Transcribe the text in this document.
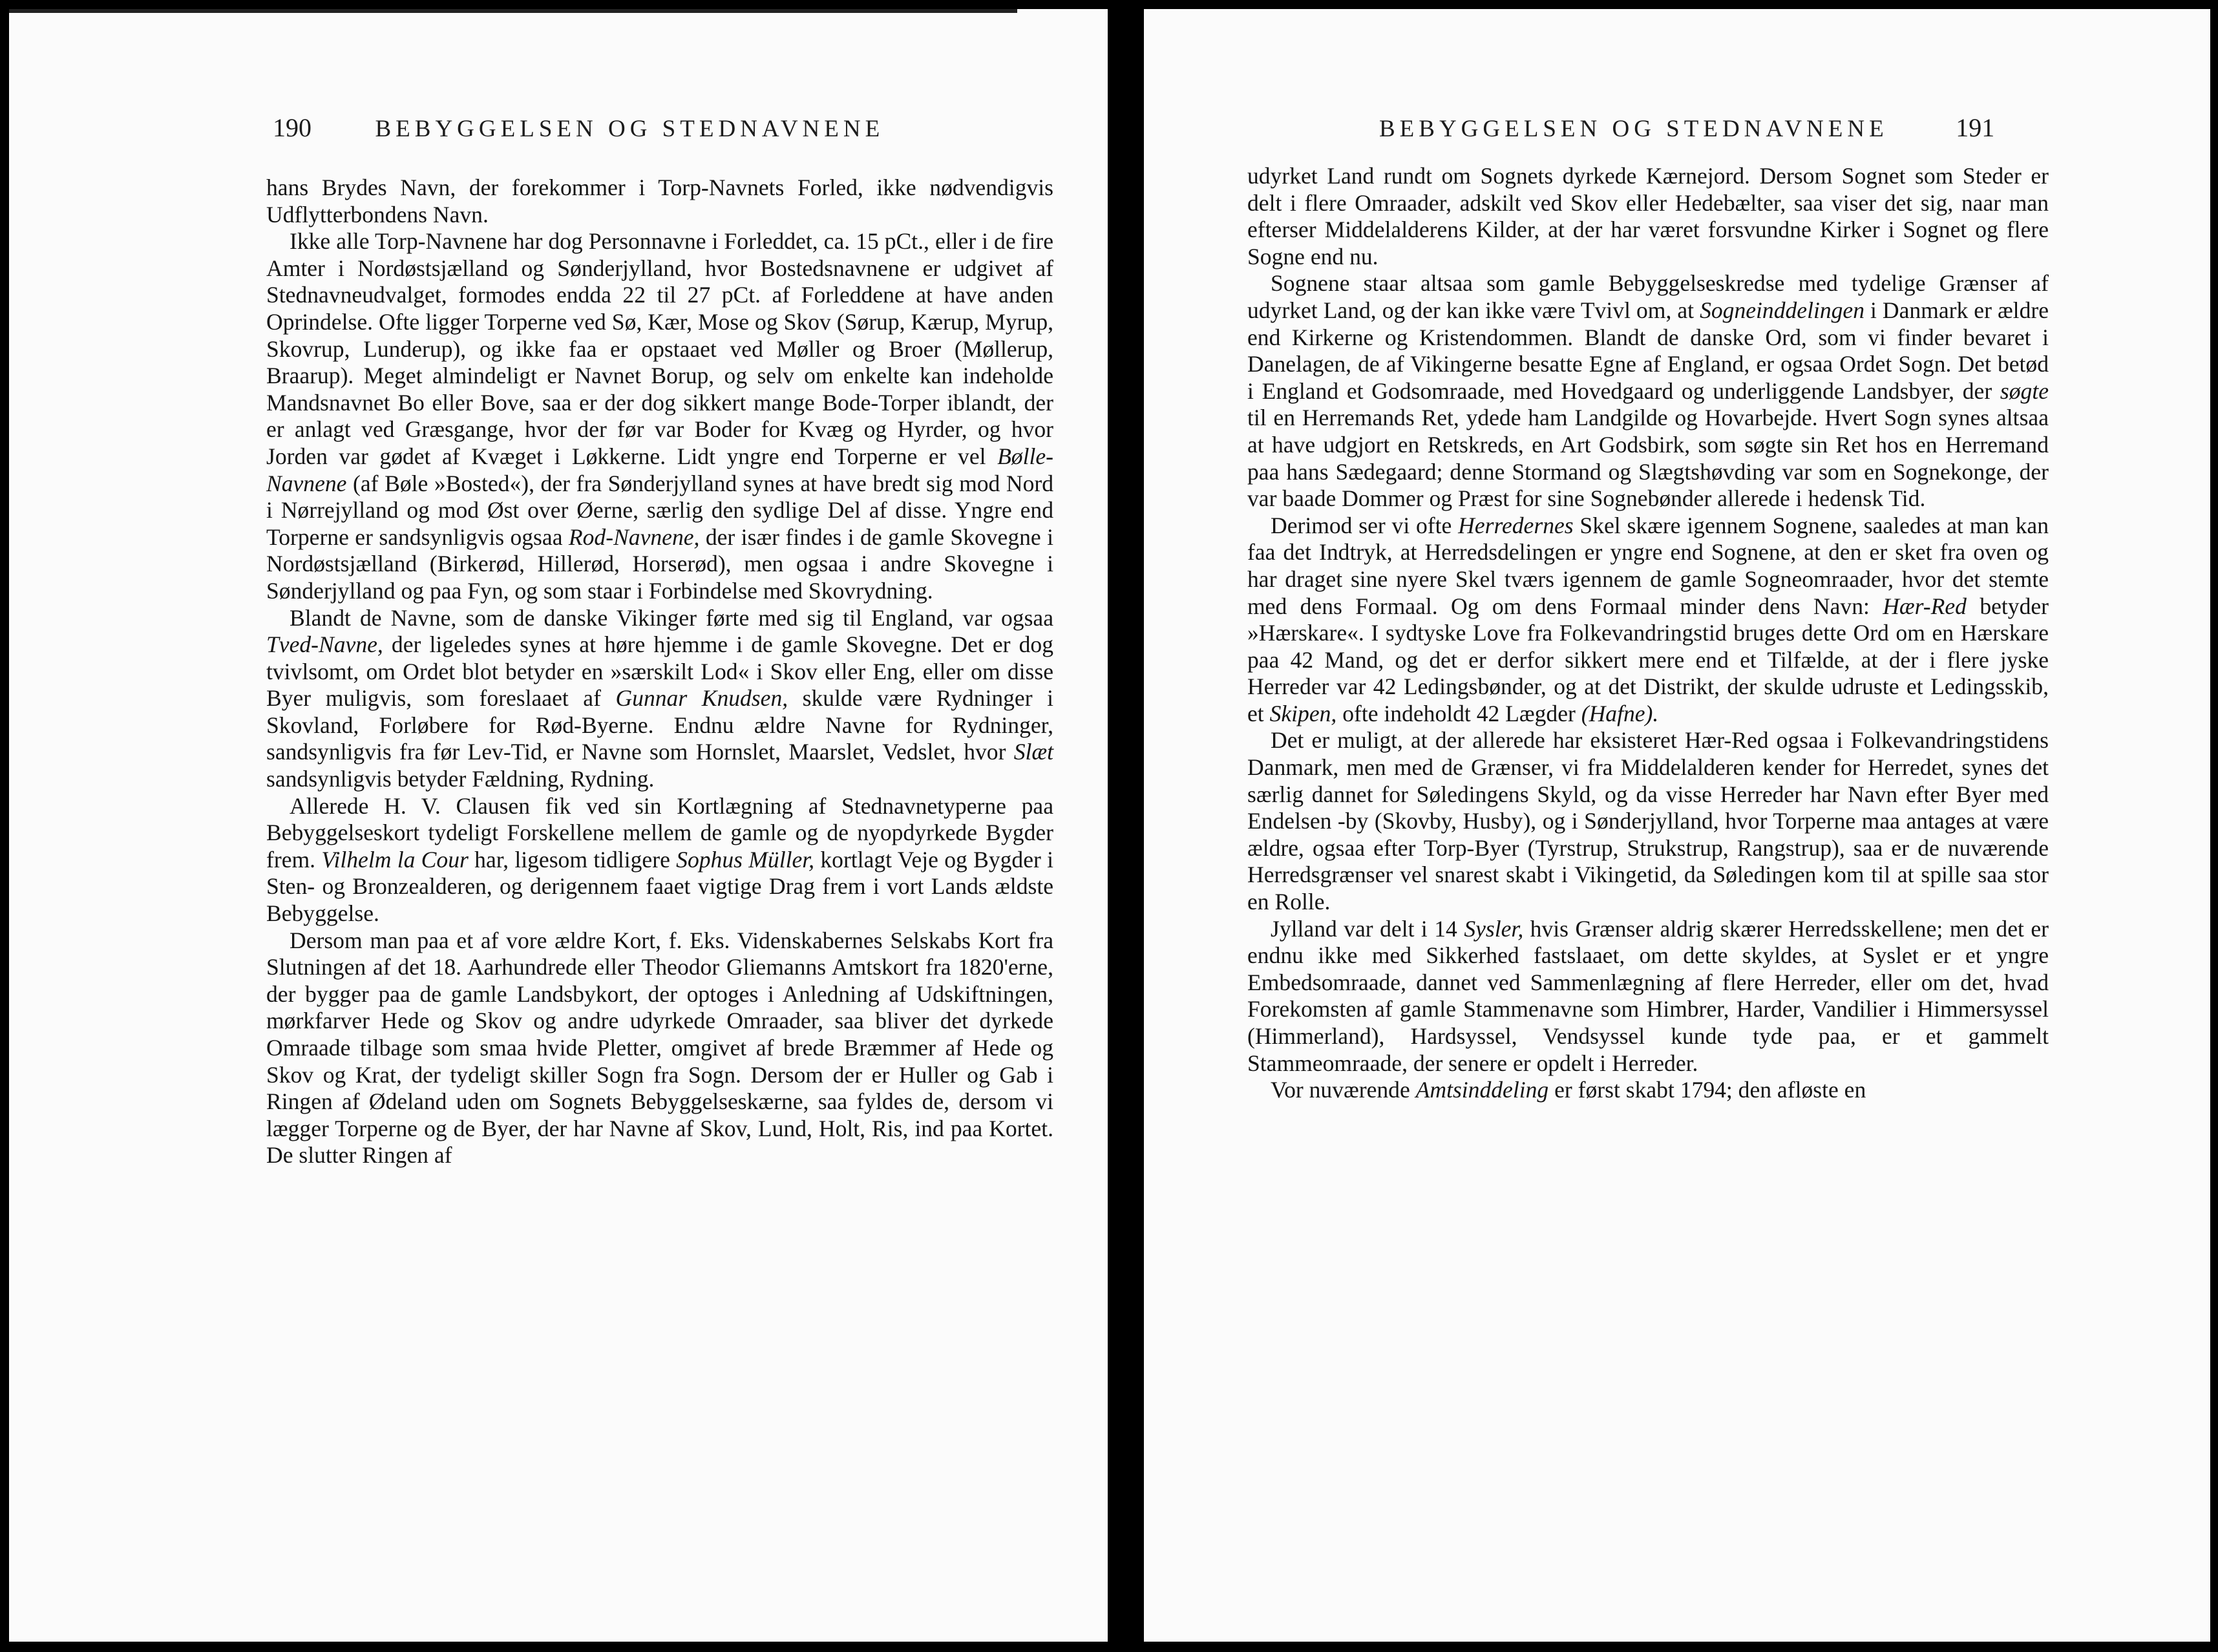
190	BEBYGGELSEN OG STEDNAVNENE

hans Brydes Navn, der forekommer i Torp-Navnets Forled, ikke nødvendigvis Udflytterbondens Navn.

Ikke alle Torp-Navnene har dog Personnavne i Forleddet, ca. 15 pCt., eller i de fire Amter i Nordøstsjælland og Sønderjylland, hvor Bostedsnavnene er udgivet af Stednavneudvalget, formodes endda 22 til 27 pCt. af Forleddene at have anden Oprindelse. Ofte ligger Torperne ved Sø, Kær, Mose og Skov (Sørup, Kærup, Myrup, Skovrup, Lunderup), og ikke faa er opstaaet ved Møller og Broer (Møllerup, Braarup). Meget almindeligt er Navnet Borup, og selv om enkelte kan indeholde Mandsnavnet Bo eller Bove, saa er der dog sikkert mange Bode-Torper iblandt, der er anlagt ved Græsgange, hvor der før var Boder for Kvæg og Hyrder, og hvor Jorden var gødet af Kvæget i Løkkerne. Lidt yngre end Torperne er vel Bølle-Navnene (af Bøle »Bosted«), der fra Sønderjylland synes at have bredt sig mod Nord i Nørrejylland og mod Øst over Øerne, særlig den sydlige Del af disse. Yngre end Torperne er sandsynligvis ogsaa Rod-Navnene, der især findes i de gamle Skovegne i Nordøstsjælland (Birkerød, Hillerød, Horserød), men ogsaa i andre Skovegne i Sønderjylland og paa Fyn, og som staar i Forbindelse med Skovrydning.

Blandt de Navne, som de danske Vikinger førte med sig til England, var ogsaa Tved-Navne, der ligeledes synes at høre hjemme i de gamle Skovegne. Det er dog tvivlsomt, om Ordet blot betyder en »særskilt Lod« i Skov eller Eng, eller om disse Byer muligvis, som foreslaaet af Gunnar Knudsen, skulde være Rydninger i Skovland, Forløbere for Rød-Byerne. Endnu ældre Navne for Rydninger, sandsynligvis fra før Lev-Tid, er Navne som Hornslet, Maarslet, Vedslet, hvor Slæt sandsynligvis betyder Fældning, Rydning.

Allerede H. V. Clausen fik ved sin Kortlægning af Stednavnetyperne paa Bebyggelseskort tydeligt Forskellene mellem de gamle og de nyopdyrkede Bygder frem. Vilhelm la Cour har, ligesom tidligere Sophus Müller, kortlagt Veje og Bygder i Sten- og Bronzealderen, og derigennem faaet vigtige Drag frem i vort Lands ældste Bebyggelse.

Dersom man paa et af vore ældre Kort, f. Eks. Videnskabernes Selskabs Kort fra Slutningen af det 18. Aarhundrede eller Theodor Gliemanns Amtskort fra 1820'erne, der bygger paa de gamle Landsbykort, der optoges i Anledning af Udskiftningen, mørkfarver Hede og Skov og andre udyrkede Omraader, saa bliver det dyrkede Omraade tilbage som smaa hvide Pletter, omgivet af brede Bræmmer af Hede og Skov og Krat, der tydeligt skiller Sogn fra Sogn. Dersom der er Huller og Gab i Ringen af Ødeland uden om Sognets Bebyggelseskærne, saa fyldes de, dersom vi lægger Torperne og de Byer, der har Navne af Skov, Lund, Holt, Ris, ind paa Kortet. De slutter Ringen af

BEBYGGELSEN OG STEDNAVNENE	191

udyrket Land rundt om Sognets dyrkede Kærnejord. Dersom Sognet som Steder er delt i flere Omraader, adskilt ved Skov eller Hedebælter, saa viser det sig, naar man efterser Middelalderens Kilder, at der har været forsvundne Kirker i Sognet og flere Sogne end nu.

Sognene staar altsaa som gamle Bebyggelseskredse med tydelige Grænser af udyrket Land, og der kan ikke være Tvivl om, at Sogneinddelingen i Danmark er ældre end Kirkerne og Kristendommen. Blandt de danske Ord, som vi finder bevaret i Danelagen, de af Vikingerne besatte Egne af England, er ogsaa Ordet Sogn. Det betød i England et Godsomraade, med Hovedgaard og underliggende Landsbyer, der søgte til en Herremands Ret, ydede ham Landgilde og Hovarbejde. Hvert Sogn synes altsaa at have udgjort en Retskreds, en Art Godsbirk, som søgte sin Ret hos en Herremand paa hans Sædegaard; denne Stormand og Slægtshøvding var som en Sognekonge, der var baade Dommer og Præst for sine Sognebønder allerede i hedensk Tid.

Derimod ser vi ofte Herredernes Skel skære igennem Sognene, saaledes at man kan faa det Indtryk, at Herredsdelingen er yngre end Sognene, at den er sket fra oven og har draget sine nyere Skel tværs igennem de gamle Sogneomraader, hvor det stemte med dens Formaal. Og om dens Formaal minder dens Navn: Hær-Red betyder »Hærskare«. I sydtyske Love fra Folkevandringstid bruges dette Ord om en Hærskare paa 42 Mand, og det er derfor sikkert mere end et Tilfælde, at der i flere jyske Herreder var 42 Ledingsbønder, og at det Distrikt, der skulde udruste et Ledingsskib, et Skipen, ofte indeholdt 42 Lægder (Hafne).

Det er muligt, at der allerede har eksisteret Hær-Red ogsaa i Folkevandringstidens Danmark, men med de Grænser, vi fra Middelalderen kender for Herredet, synes det særlig dannet for Søledingens Skyld, og da visse Herreder har Navn efter Byer med Endelsen -by (Skovby, Husby), og i Sønderjylland, hvor Torperne maa antages at være ældre, ogsaa efter Torp-Byer (Tyrstrup, Strukstrup, Rangstrup), saa er de nuværende Herredsgrænser vel snarest skabt i Vikingetid, da Søledingen kom til at spille saa stor en Rolle.

Jylland var delt i 14 Sysler, hvis Grænser aldrig skærer Herredsskellene; men det er endnu ikke med Sikkerhed fastslaaet, om dette skyldes, at Syslet er et yngre Embedsomraade, dannet ved Sammenlægning af flere Herreder, eller om det, hvad Forekomsten af gamle Stammenavne som Himbrer, Harder, Vandilier i Himmersyssel (Himmerland), Hardsyssel, Vendsyssel kunde tyde paa, er et gammelt Stammeomraade, der senere er opdelt i Herreder.

Vor nuværende Amtsinddeling er først skabt 1794; den afløste en
